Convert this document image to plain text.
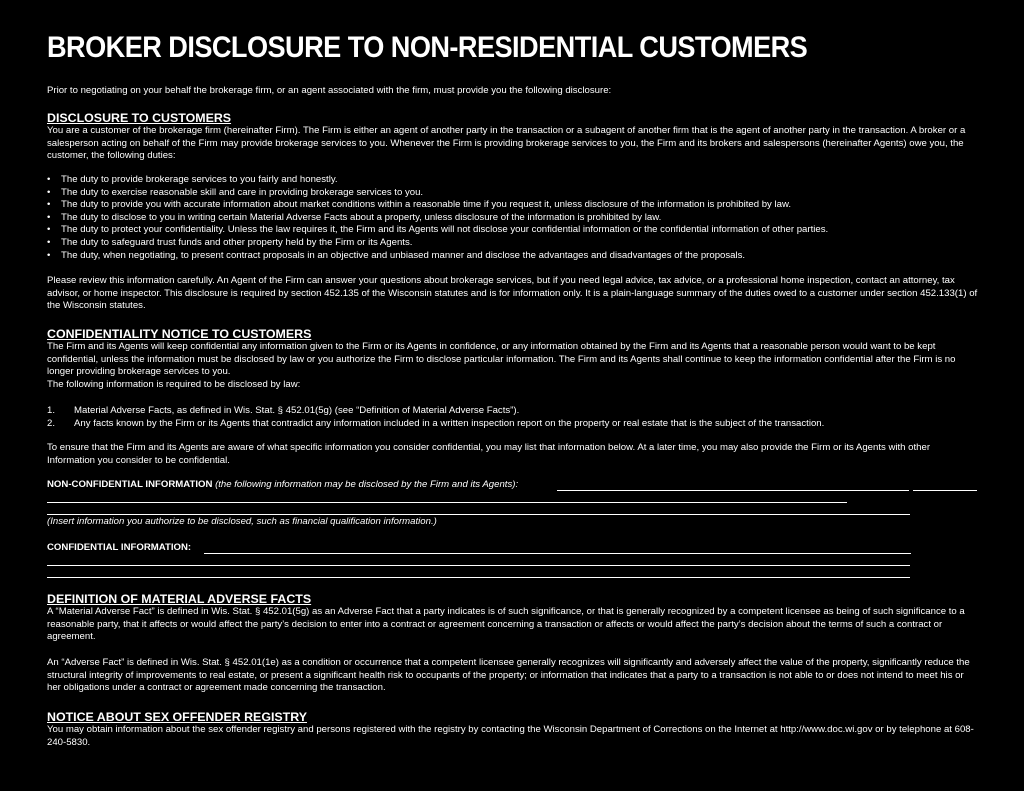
BROKER DISCLOSURE TO NON-RESIDENTIAL CUSTOMERS

Prior to negotiating on your behalf the brokerage firm, or an agent associated with the firm, must provide you the following disclosure:

DISCLOSURE TO CUSTOMERS

You are a customer of the brokerage firm (hereinafter Firm). The Firm is either an agent of another party in the transaction or a subagent of another firm that is the agent of another party in the transaction. A broker or a salesperson acting on behalf of the Firm may provide brokerage services to you. Whenever the Firm is providing brokerage services to you, the Firm and its brokers and salespersons (hereinafter Agents) owe you, the customer, the following duties:

• The duty to provide brokerage services to you fairly and honestly.
• The duty to exercise reasonable skill and care in providing brokerage services to you.
• The duty to provide you with accurate information about market conditions within a reasonable time if you request it, unless disclosure of the information is prohibited by law.
• The duty to disclose to you in writing certain Material Adverse Facts about a property, unless disclosure of the information is prohibited by law.
• The duty to protect your confidentiality. Unless the law requires it, the Firm and its Agents will not disclose your confidential information or the confidential information of other parties.
• The duty to safeguard trust funds and other property held by the Firm or its Agents.
• The duty, when negotiating, to present contract proposals in an objective and unbiased manner and disclose the advantages and disadvantages of the proposals.

Please review this information carefully. An Agent of the Firm can answer your questions about brokerage services, but if you need legal advice, tax advice, or a professional home inspection, contact an attorney, tax advisor, or home inspector. This disclosure is required by section 452.135 of the Wisconsin statutes and is for information only. It is a plain-language summary of the duties owed to a customer under section 452.133(1) of the Wisconsin statutes.

CONFIDENTIALITY NOTICE TO CUSTOMERS

The Firm and its Agents will keep confidential any information given to the Firm or its Agents in confidence, or any information obtained by the Firm and its Agents that a reasonable person would want to be kept confidential, unless the information must be disclosed by law or you authorize the Firm to disclose particular information. The Firm and its Agents shall continue to keep the information confidential after the Firm is no longer providing brokerage services to you.

The following information is required to be disclosed by law:

1. Material Adverse Facts, as defined in Wis. Stat. § 452.01(5g) (see “Definition of Material Adverse Facts”).
2. Any facts known by the Firm or its Agents that contradict any information included in a written inspection report on the property or real estate that is the subject of the transaction.

To ensure that the Firm and its Agents are aware of what specific information you consider confidential, you may list that information below. At a later time, you may also provide the Firm or its Agents with other Information you consider to be confidential.

NON-CONFIDENTIAL INFORMATION (the following information may be disclosed by the Firm and its Agents):
(Insert information you authorize to be disclosed, such as financial qualification information.)
CONFIDENTIAL INFORMATION:
DEFINITION OF MATERIAL ADVERSE FACTS

A “Material Adverse Fact” is defined in Wis. Stat. § 452.01(5g) as an Adverse Fact that a party indicates is of such significance, or that is generally recognized by a competent licensee as being of such significance to a reasonable party, that it affects or would affect the party’s decision to enter into a contract or agreement concerning a transaction or affects or would affect the party’s decision about the terms of such a contract or agreement.

An “Adverse Fact” is defined in Wis. Stat. § 452.01(1e) as a condition or occurrence that a competent licensee generally recognizes will significantly and adversely affect the value of the property, significantly reduce the structural integrity of improvements to real estate, or present a significant health risk to occupants of the property; or information that indicates that a party to a transaction is not able to or does not intend to meet his or her obligations under a contract or agreement made concerning the transaction.

NOTICE ABOUT SEX OFFENDER REGISTRY

You may obtain information about the sex offender registry and persons registered with the registry by contacting the Wisconsin Department of Corrections on the Internet at http://www.doc.wi.gov or by telephone at 608-240-5830.
